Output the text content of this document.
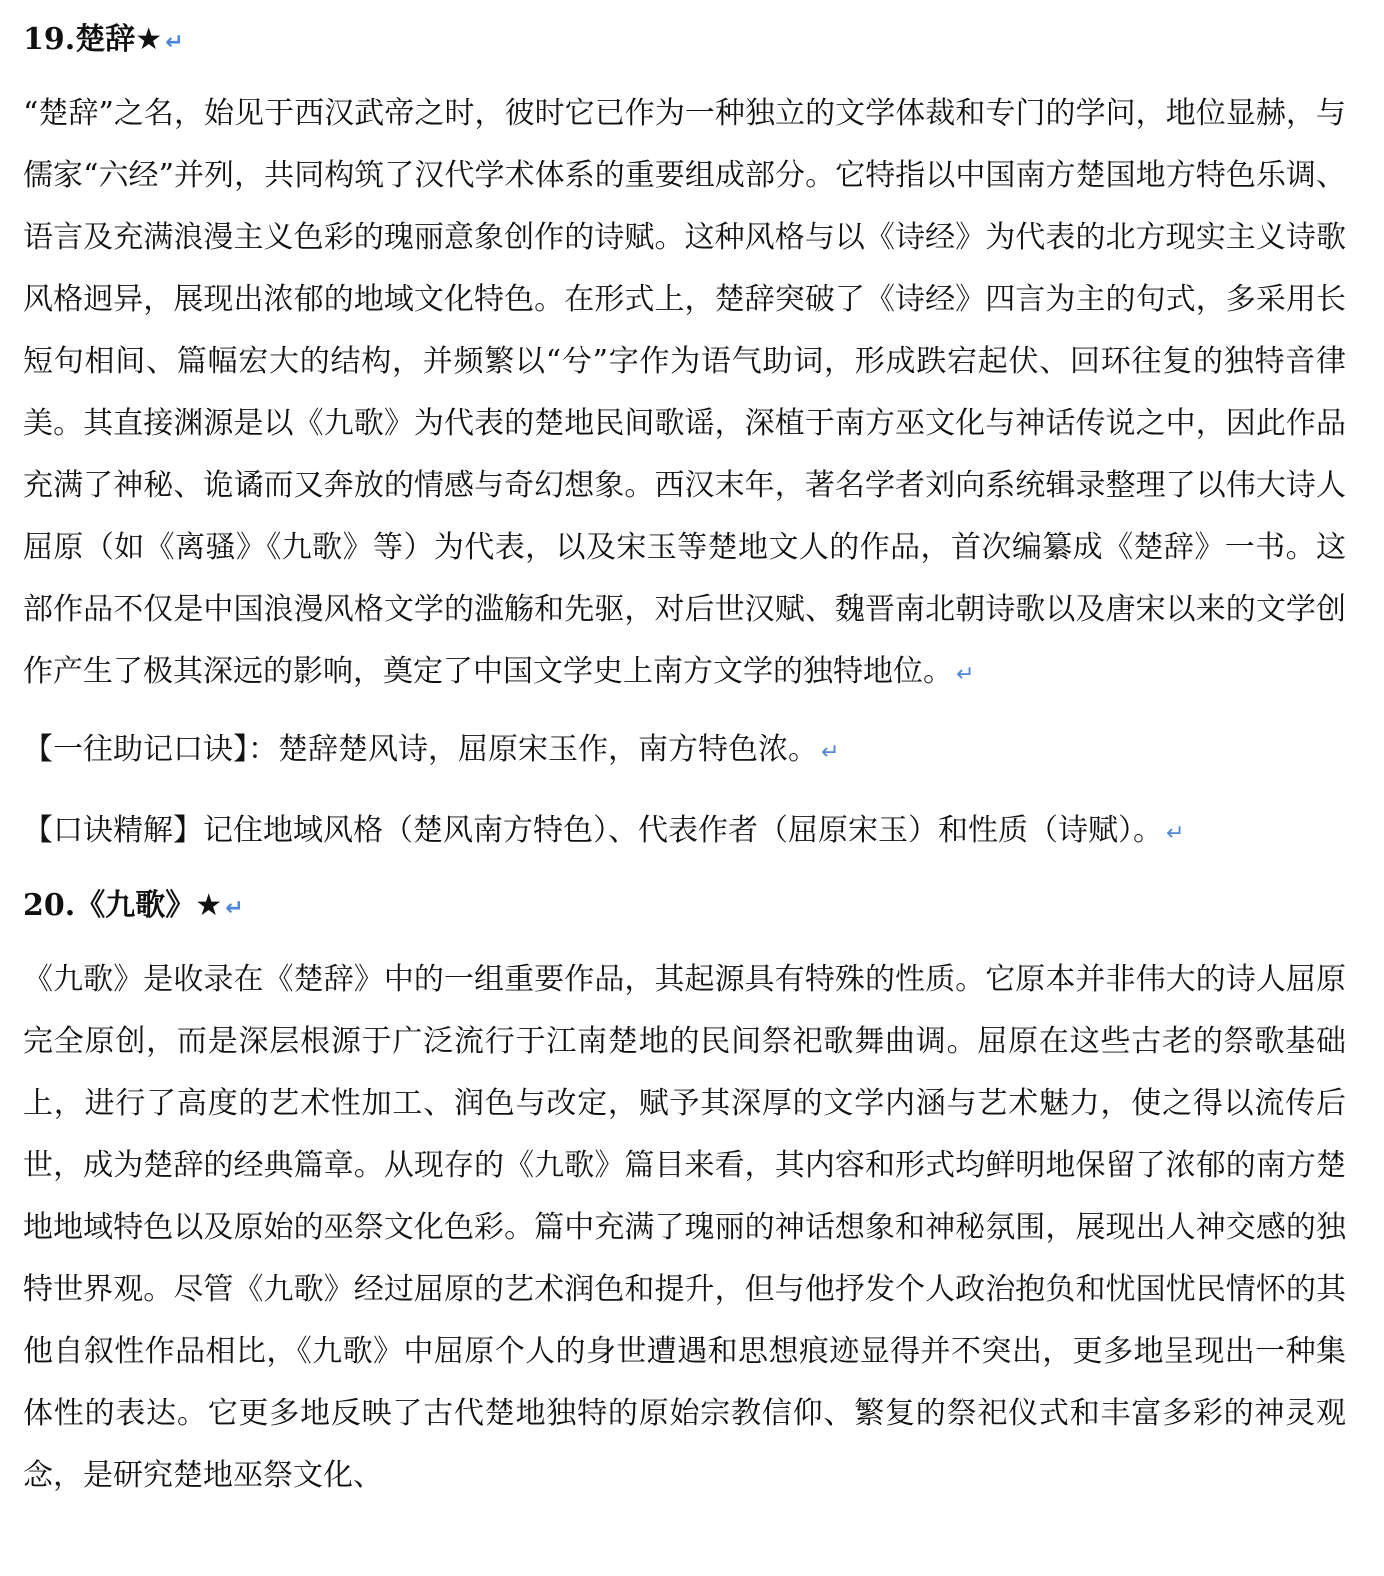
19.楚辞★ ↵

“楚辞”之名，始见于西汉武帝之时，彼时它已作为一种独立的文学体裁和专门的学问，地位显赫，与儒家“六经”并列，共同构筑了汉代学术体系的重要组成部分。它特指以中国南方楚国地方特色乐调、语言及充满浪漫主义色彩的瑰丽意象创作的诗赋。这种风格与以《诗经》为代表的北方现实主义诗歌风格迥异，展现出浓郁的地域文化特色。在形式上，楚辞突破了《诗经》四言为主的句式，多采用长短句相间、篇幅宏大的结构，并频繁以“兮”字作为语气助词，形成跌宕起伏、回环往复的独特音律美。其直接渊源是以《九歌》为代表的楚地民间歌谣，深植于南方巫文化与神话传说之中，因此作品充满了神秘、诡谲而又奔放的情感与奇幻想象。西汉末年，著名学者刘向系统辑录整理了以伟大诗人屈原（如《离骚》《九歌》等）为代表，以及宋玉等楚地文人的作品，首次编纂成《楚辞》一书。这部作品不仅是中国浪漫风格文学的滥觞和先驱，对后世汉赋、魏晋南北朝诗歌以及唐宋以来的文学创作产生了极其深远的影响，奠定了中国文学史上南方文学的独特地位。 ↵

【一往助记口诀】：楚辞楚风诗，屈原宋玉作，南方特色浓。 ↵

【口诀精解】记住地域风格（楚风南方特色）、代表作者（屈原宋玉）和性质（诗赋）。 ↵

20.《九歌》★ ↵

《九歌》是收录在《楚辞》中的一组重要作品，其起源具有特殊的性质。它原本并非伟大的诗人屈原完全原创，而是深层根源于广泛流行于江南楚地的民间祭祀歌舞曲调。屈原在这些古老的祭歌基础上，进行了高度的艺术性加工、润色与改定，赋予其深厚的文学内涵与艺术魅力，使之得以流传后世，成为楚辞的经典篇章。从现存的《九歌》篇目来看，其内容和形式均鲜明地保留了浓郁的南方楚地地域特色以及原始的巫祭文化色彩。篇中充满了瑰丽的神话想象和神秘氛围，展现出人神交感的独特世界观。尽管《九歌》经过屈原的艺术润色和提升，但与他抒发个人政治抱负和忧国忧民情怀的其他自叙性作品相比，《九歌》中屈原个人的身世遭遇和思想痕迹显得并不突出，更多地呈现出一种集体性的表达。它更多地反映了古代楚地独特的原始宗教信仰、繁复的祭祀仪式和丰富多彩的神灵观念，是研究楚地巫祭文化、
